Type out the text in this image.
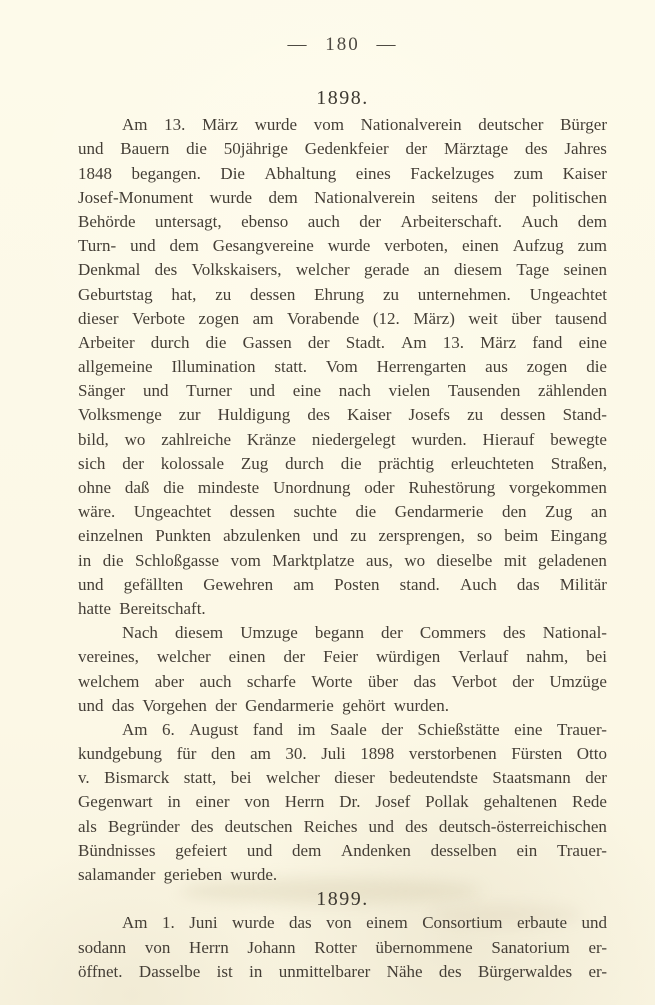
— 180 —
1898.
Am 13. März wurde vom Nationalverein deutscher Bürger
und Bauern die 50jährige Gedenkfeier der Märztage des Jahres
1848 begangen. Die Abhaltung eines Fackelzuges zum Kaiser
Josef-Monument wurde dem Nationalverein seitens der politischen
Behörde untersagt, ebenso auch der Arbeiterschaft. Auch dem
Turn- und dem Gesangvereine wurde verboten, einen Aufzug zum
Denkmal des Volkskaisers, welcher gerade an diesem Tage seinen
Geburtstag hat, zu dessen Ehrung zu unternehmen. Ungeachtet
dieser Verbote zogen am Vorabende (12. März) weit über tausend
Arbeiter durch die Gassen der Stadt. Am 13. März fand eine
allgemeine Illumination statt. Vom Herrengarten aus zogen die
Sänger und Turner und eine nach vielen Tausenden zählenden
Volksmenge zur Huldigung des Kaiser Josefs zu dessen Stand-
bild, wo zahlreiche Kränze niedergelegt wurden. Hierauf bewegte
sich der kolossale Zug durch die prächtig erleuchteten Straßen,
ohne daß die mindeste Unordnung oder Ruhestörung vorgekommen
wäre. Ungeachtet dessen suchte die Gendarmerie den Zug an
einzelnen Punkten abzulenken und zu zersprengen, so beim Eingang
in die Schloßgasse vom Marktplatze aus, wo dieselbe mit geladenen
und gefällten Gewehren am Posten stand. Auch das Militär
hatte Bereitschaft.
Nach diesem Umzuge begann der Commers des National-
vereines, welcher einen der Feier würdigen Verlauf nahm, bei
welchem aber auch scharfe Worte über das Verbot der Umzüge
und das Vorgehen der Gendarmerie gehört wurden.
Am 6. August fand im Saale der Schießstätte eine Trauer-
kundgebung für den am 30. Juli 1898 verstorbenen Fürsten Otto
v. Bismarck statt, bei welcher dieser bedeutendste Staatsmann der
Gegenwart in einer von Herrn Dr. Josef Pollak gehaltenen Rede
als Begründer des deutschen Reiches und des deutsch-österreichischen
Bündnisses gefeiert und dem Andenken desselben ein Trauer-
salamander gerieben wurde.
1899.
Am 1. Juni wurde das von einem Consortium erbaute und
sodann von Herrn Johann Rotter übernommene Sanatorium er-
öffnet. Dasselbe ist in unmittelbarer Nähe des Bürgerwaldes er-
